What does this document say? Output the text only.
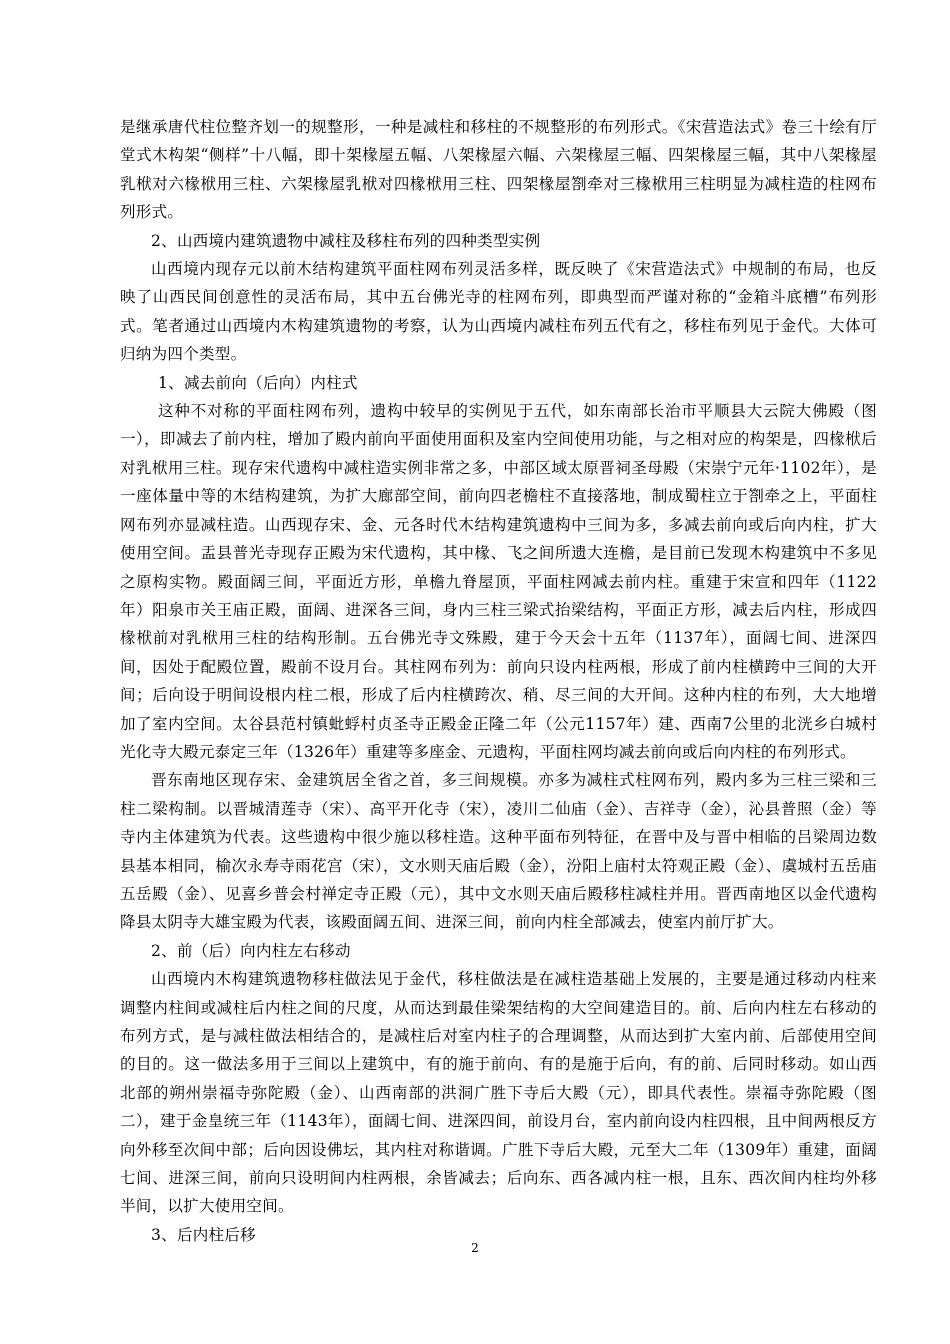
是继承唐代柱位整齐划一的规整形，一种是减柱和移柱的不规整形的布列形式。《宋营造法式》卷三十绘有厅堂式木构架“侧样”十八幅，即十架椽屋五幅、八架椽屋六幅、六架椽屋三幅、四架椽屋三幅，其中八架椽屋乳栿对六椽栿用三柱、六架椽屋乳栿对四椽栿用三柱、四架椽屋劄牵对三椽栿用三柱明显为减柱造的柱网布列形式。

2、山西境内建筑遗物中减柱及移柱布列的四种类型实例

山西境内现存元以前木结构建筑平面柱网布列灵活多样，既反映了《宋营造法式》中规制的布局，也反映了山西民间创意性的灵活布局，其中五台佛光寺的柱网布列，即典型而严谨对称的“金箱斗底槽”布列形式。笔者通过山西境内木构建筑遗物的考察，认为山西境内减柱布列五代有之，移柱布列见于金代。大体可归纳为四个类型。

1、减去前向（后向）内柱式

这种不对称的平面柱网布列，遗构中较早的实例见于五代，如东南部长治市平顺县大云院大佛殿（图一），即减去了前内柱，增加了殿内前向平面使用面积及室内空间使用功能，与之相对应的构架是，四椽栿后对乳栿用三柱。现存宋代遗构中减柱造实例非常之多，中部区域太原晋祠圣母殿（宋崇宁元年·1102年），是一座体量中等的木结构建筑，为扩大廊部空间，前向四老檐柱不直接落地，制成蜀柱立于劄牵之上，平面柱网布列亦显减柱造。山西现存宋、金、元各时代木结构建筑遗构中三间为多，多减去前向或后向内柱，扩大使用空间。盂县普光寺现存正殿为宋代遗构，其中椽、飞之间所遗大连檐，是目前已发现木构建筑中不多见之原构实物。殿面阔三间，平面近方形，单檐九脊屋顶，平面柱网减去前内柱。重建于宋宣和四年（1122年）阳泉市关王庙正殿，面阔、进深各三间，身内三柱三梁式抬梁结构，平面正方形，减去后内柱，形成四椽栿前对乳栿用三柱的结构形制。五台佛光寺文殊殿，建于今天会十五年（1137年），面阔七间、进深四间，因处于配殿位置，殿前不设月台。其柱网布列为：前向只设内柱两根，形成了前内柱横跨中三间的大开间；后向设于明间设根内柱二根，形成了后内柱横跨次、稍、尽三间的大开间。这种内柱的布列，大大地增加了室内空间。太谷县范村镇蚍蜉村贞圣寺正殿金正隆二年（公元1157年）建、西南7公里的北洸乡白城村光化寺大殿元泰定三年（1326年）重建等多座金、元遗构，平面柱网均减去前向或后向内柱的布列形式。

晋东南地区现存宋、金建筑居全省之首，多三间规模。亦多为减柱式柱网布列，殿内多为三柱三梁和三柱二梁构制。以晋城清莲寺（宋）、高平开化寺（宋），凌川二仙庙（金）、吉祥寺（金），沁县普照（金）等寺内主体建筑为代表。这些遗构中很少施以移柱造。这种平面布列特征，在晋中及与晋中相临的吕梁周边数县基本相同，榆次永寿寺雨花宫（宋），文水则天庙后殿（金），汾阳上庙村太符观正殿（金）、虞城村五岳庙五岳殿（金）、见喜乡普会村禅定寺正殿（元），其中文水则天庙后殿移柱减柱并用。晋西南地区以金代遗构降县太阴寺大雄宝殿为代表，该殿面阔五间、进深三间，前向内柱全部减去，使室内前厅扩大。

2、前（后）向内柱左右移动

山西境内木构建筑遗物移柱做法见于金代，移柱做法是在减柱造基础上发展的，主要是通过移动内柱来调整内柱间或减柱后内柱之间的尺度，从而达到最佳梁架结构的大空间建造目的。前、后向内柱左右移动的布列方式，是与减柱做法相结合的，是减柱后对室内柱子的合理调整，从而达到扩大室内前、后部使用空间的目的。这一做法多用于三间以上建筑中，有的施于前向、有的是施于后向，有的前、后同时移动。如山西北部的朔州崇福寺弥陀殿（金）、山西南部的洪洞广胜下寺后大殿（元），即具代表性。崇福寺弥陀殿（图二），建于金皇统三年（1143年），面阔七间、进深四间，前设月台，室内前向设内柱四根，且中间两根反方向外移至次间中部；后向因设佛坛，其内柱对称谐调。广胜下寺后大殿，元至大二年（1309年）重建，面阔七间、进深三间，前向只设明间内柱两根，余皆减去；后向东、西各减内柱一根，且东、西次间内柱均外移半间，以扩大使用空间。

3、后内柱后移

2
